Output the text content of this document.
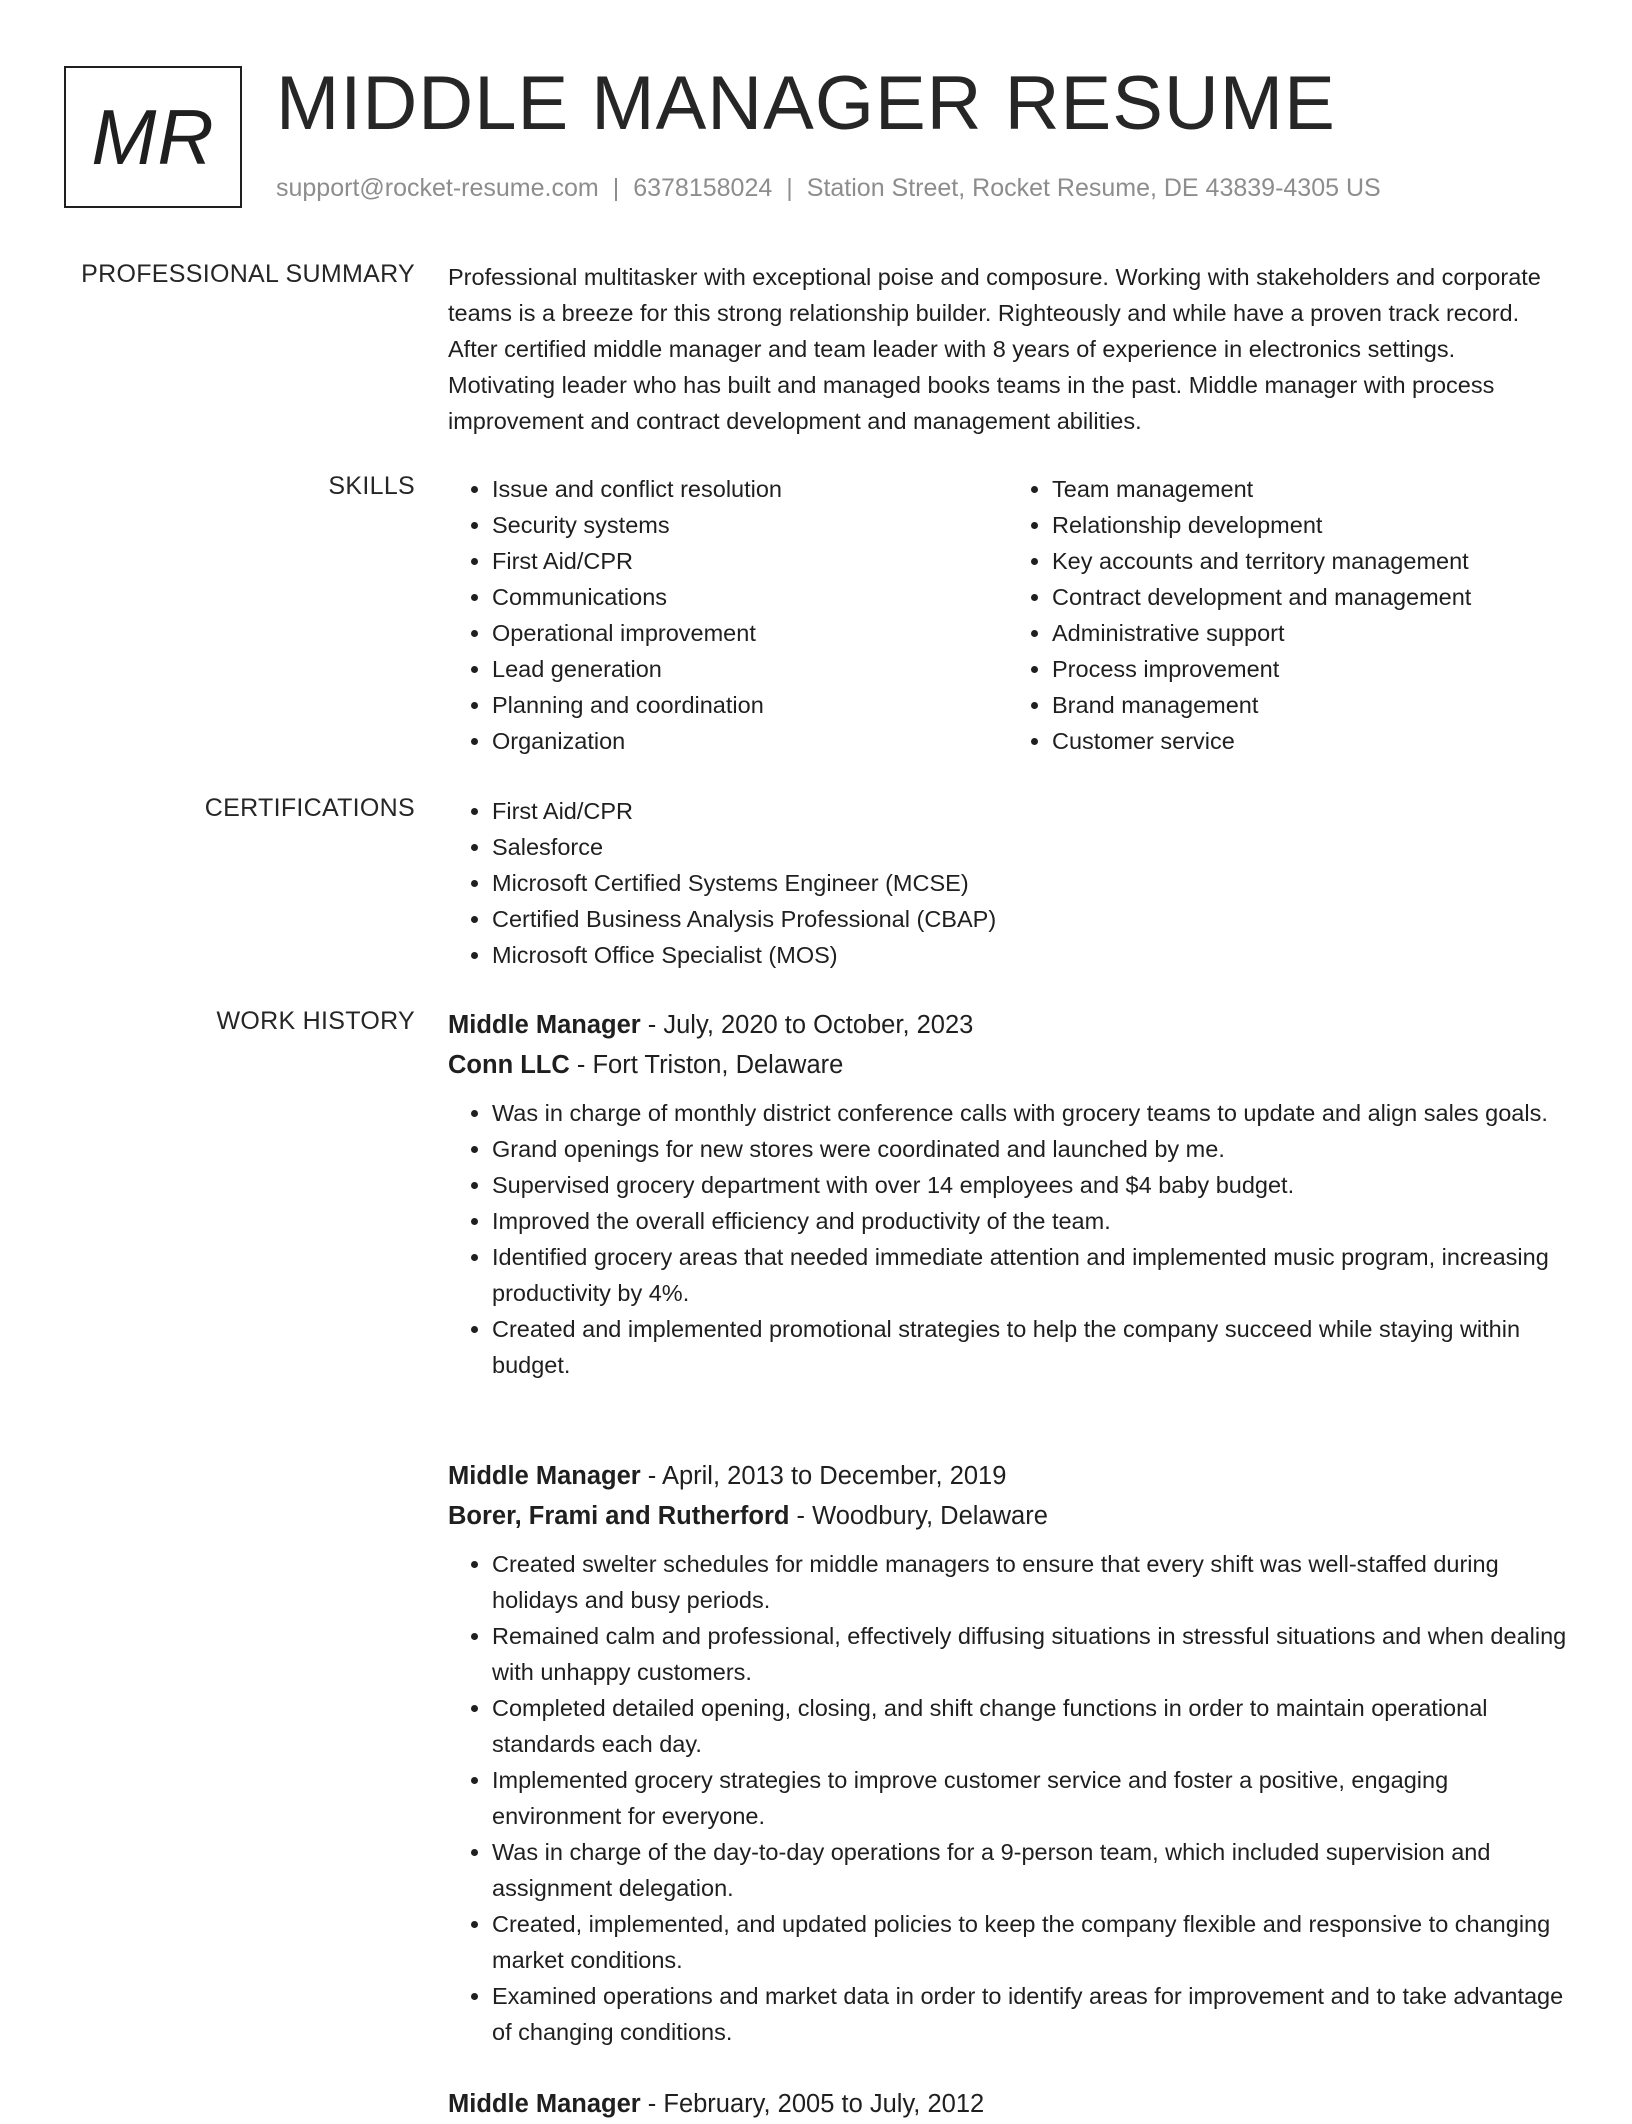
MR MIDDLE MANAGER RESUME
support@rocket-resume.com | 6378158024 | Station Street, Rocket Resume, DE 43839-4305 US
PROFESSIONAL SUMMARY Professional multitasker with exceptional poise and composure. Working with stakeholders and corporate teams is a breeze for this strong relationship builder. Righteously and while have a proven track record. After certified middle manager and team leader with 8 years of experience in electronics settings. Motivating leader who has built and managed books teams in the past. Middle manager with process improvement and contract development and management abilities.
SKILLS	• Issue and conflict resolution
• Security systems
• First Aid/CPR
• Communications
• Operational improvement
• Lead generation
• Planning and coordination
• Organization
• Team management
• Relationship development
• Key accounts and territory management
• Contract development and management
• Administrative support
• Process improvement
• Brand management
• Customer service
CERTIFICATIONS	• First Aid/CPR
• Salesforce
• Microsoft Certified Systems Engineer (MCSE)
• Certified Business Analysis Professional (CBAP)
• Microsoft Office Specialist (MOS)
WORK HISTORY Middle Manager - July, 2020 to October, 2023
Conn LLC - Fort Triston, Delaware
• Was in charge of monthly district conference calls with grocery teams to update and align sales goals.
• Grand openings for new stores were coordinated and launched by me.
• Supervised grocery department with over 14 employees and $4 baby budget.
• Improved the overall efficiency and productivity of the team.
• Identified grocery areas that needed immediate attention and implemented music program, increasing productivity by 4%.
• Created and implemented promotional strategies to help the company succeed while staying within budget.
Middle Manager - April, 2013 to December, 2019
Borer, Frami and Rutherford - Woodbury, Delaware
• Created swelter schedules for middle managers to ensure that every shift was well-staffed during holidays and busy periods.
• Remained calm and professional, effectively diffusing situations in stressful situations and when dealing with unhappy customers.
• Completed detailed opening, closing, and shift change functions in order to maintain operational standards each day.
• Implemented grocery strategies to improve customer service and foster a positive, engaging environment for everyone.
• Was in charge of the day-to-day operations for a 9-person team, which included supervision and assignment delegation.
• Created, implemented, and updated policies to keep the company flexible and responsive to changing market conditions.
• Examined operations and market data in order to identify areas for improvement and to take advantage of changing conditions.
Middle Manager - February, 2005 to July, 2012
